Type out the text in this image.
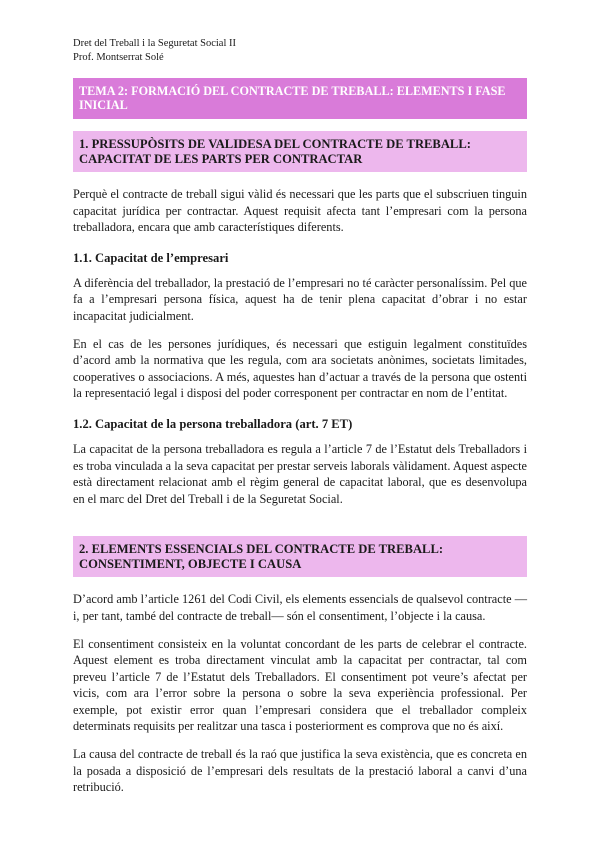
Dret del Treball i la Seguretat Social II
Prof. Montserrat Solé
TEMA 2: FORMACIÓ DEL CONTRACTE DE TREBALL: ELEMENTS I FASE INICIAL
1. PRESSUPÒSITS DE VALIDESA DEL CONTRACTE DE TREBALL: CAPACITAT DE LES PARTS PER CONTRACTAR

Perquè el contracte de treball sigui vàlid és necessari que les parts que el subscriuen tinguin capacitat jurídica per contractar. Aquest requisit afecta tant l’empresari com la persona treballadora, encara que amb característiques diferents.

1.1. Capacitat de l’empresari

A diferència del treballador, la prestació de l’empresari no té caràcter personalíssim. Pel que fa a l’empresari persona física, aquest ha de tenir plena capacitat d’obrar i no estar incapacitat judicialment.

En el cas de les persones jurídiques, és necessari que estiguin legalment constituïdes d’acord amb la normativa que les regula, com ara societats anònimes, societats limitades, cooperatives o associacions. A més, aquestes han d’actuar a través de la persona que ostenti la representació legal i disposi del poder corresponent per contractar en nom de l’entitat.

1.2. Capacitat de la persona treballadora (art. 7 ET)

La capacitat de la persona treballadora es regula a l’article 7 de l’Estatut dels Treballadors i es troba vinculada a la seva capacitat per prestar serveis laborals vàlidament. Aquest aspecte està directament relacionat amb el règim general de capacitat laboral, que es desenvolupa en el marc del Dret del Treball i de la Seguretat Social.

2. ELEMENTS ESSENCIALS DEL CONTRACTE DE TREBALL: CONSENTIMENT, OBJECTE I CAUSA

D’acord amb l’article 1261 del Codi Civil, els elements essencials de qualsevol contracte —i, per tant, també del contracte de treball— són el consentiment, l’objecte i la causa.

El consentiment consisteix en la voluntat concordant de les parts de celebrar el contracte. Aquest element es troba directament vinculat amb la capacitat per contractar, tal com preveu l’article 7 de l’Estatut dels Treballadors. El consentiment pot veure’s afectat per vicis, com ara l’error sobre la persona o sobre la seva experiència professional. Per exemple, pot existir error quan l’empresari considera que el treballador compleix determinats requisits per realitzar una tasca i posteriorment es comprova que no és així.

La causa del contracte de treball és la raó que justifica la seva existència, que es concreta en la posada a disposició de l’empresari dels resultats de la prestació laboral a canvi d’una retribució.
